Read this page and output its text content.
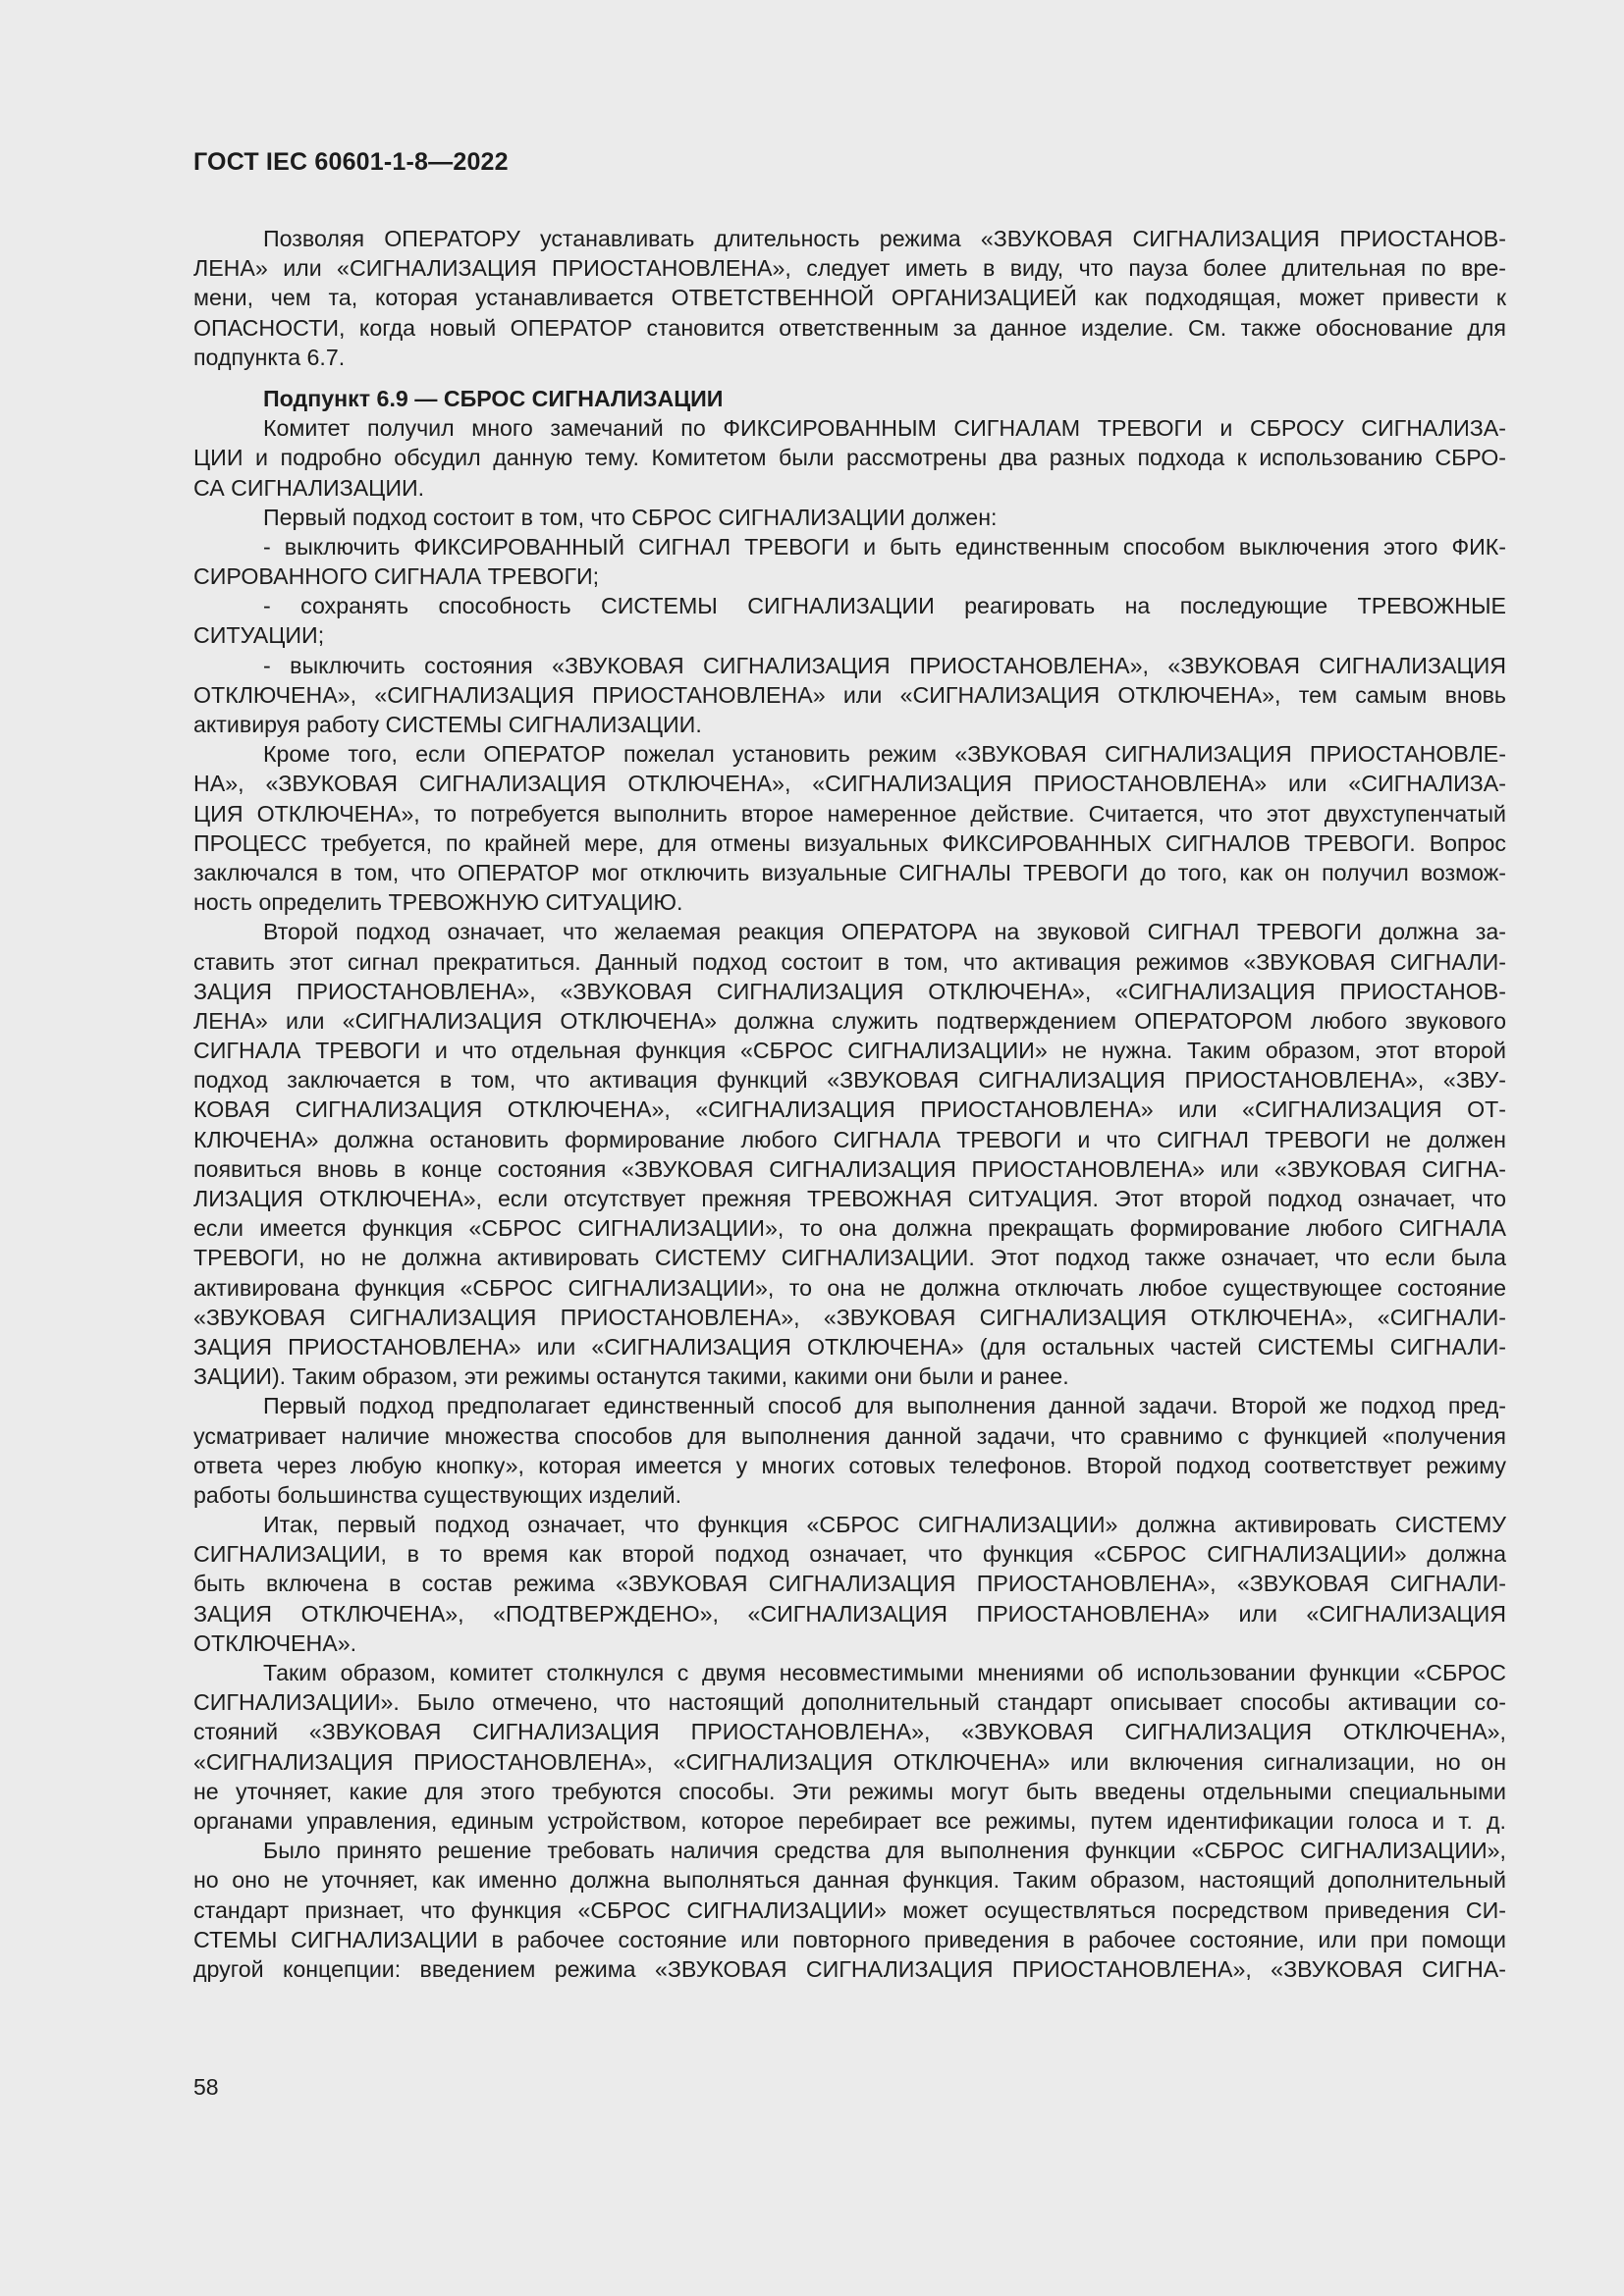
ГОСТ IEC 60601-1-8—2022
Позволяя ОПЕРАТОРУ устанавливать длительность режима «ЗВУКОВАЯ СИГНАЛИЗАЦИЯ ПРИОСТАНОВ-
ЛЕНА» или «СИГНАЛИЗАЦИЯ ПРИОСТАНОВЛЕНА», следует иметь в виду, что пауза более длительная по вре-
мени, чем та, которая устанавливается ОТВЕТСТВЕННОЙ ОРГАНИЗАЦИЕЙ как подходящая, может привести к
ОПАСНОСТИ, когда новый ОПЕРАТОР становится ответственным за данное изделие. См. также обоснование для
подпункта 6.7.
Подпункт 6.9 — СБРОС СИГНАЛИЗАЦИИ
Комитет получил много замечаний по ФИКСИРОВАННЫМ СИГНАЛАМ ТРЕВОГИ и СБРОСУ СИГНАЛИЗА-
ЦИИ и подробно обсудил данную тему. Комитетом были рассмотрены два разных подхода к использованию СБРО-
СА СИГНАЛИЗАЦИИ.
Первый подход состоит в том, что СБРОС СИГНАЛИЗАЦИИ должен:
- выключить ФИКСИРОВАННЫЙ СИГНАЛ ТРЕВОГИ и быть единственным способом выключения этого ФИК-
СИРОВАННОГО СИГНАЛА ТРЕВОГИ;
- сохранять способность СИСТЕМЫ СИГНАЛИЗАЦИИ реагировать на последующие ТРЕВОЖНЫЕ
СИТУАЦИИ;
- выключить состояния «ЗВУКОВАЯ СИГНАЛИЗАЦИЯ ПРИОСТАНОВЛЕНА», «ЗВУКОВАЯ СИГНАЛИЗАЦИЯ
ОТКЛЮЧЕНА», «СИГНАЛИЗАЦИЯ ПРИОСТАНОВЛЕНА» или «СИГНАЛИЗАЦИЯ ОТКЛЮЧЕНА», тем самым вновь
активируя работу СИСТЕМЫ СИГНАЛИЗАЦИИ.
Кроме того, если ОПЕРАТОР пожелал установить режим «ЗВУКОВАЯ СИГНАЛИЗАЦИЯ ПРИОСТАНОВЛЕ-
НА», «ЗВУКОВАЯ СИГНАЛИЗАЦИЯ ОТКЛЮЧЕНА», «СИГНАЛИЗАЦИЯ ПРИОСТАНОВЛЕНА» или «СИГНАЛИЗА-
ЦИЯ ОТКЛЮЧЕНА», то потребуется выполнить второе намеренное действие. Считается, что этот двухступенчатый
ПРОЦЕСС требуется, по крайней мере, для отмены визуальных ФИКСИРОВАННЫХ СИГНАЛОВ ТРЕВОГИ. Вопрос
заключался в том, что ОПЕРАТОР мог отключить визуальные СИГНАЛЫ ТРЕВОГИ до того, как он получил возмож-
ность определить ТРЕВОЖНУЮ СИТУАЦИЮ.
Второй подход означает, что желаемая реакция ОПЕРАТОРА на звуковой СИГНАЛ ТРЕВОГИ должна за-
ставить этот сигнал прекратиться. Данный подход состоит в том, что активация режимов «ЗВУКОВАЯ СИГНАЛИ-
ЗАЦИЯ ПРИОСТАНОВЛЕНА», «ЗВУКОВАЯ СИГНАЛИЗАЦИЯ ОТКЛЮЧЕНА», «СИГНАЛИЗАЦИЯ ПРИОСТАНОВ-
ЛЕНА» или «СИГНАЛИЗАЦИЯ ОТКЛЮЧЕНА» должна служить подтверждением ОПЕРАТОРОМ любого звукового
СИГНАЛА ТРЕВОГИ и что отдельная функция «СБРОС СИГНАЛИЗАЦИИ» не нужна. Таким образом, этот второй
подход заключается в том, что активация функций «ЗВУКОВАЯ СИГНАЛИЗАЦИЯ ПРИОСТАНОВЛЕНА», «ЗВУ-
КОВАЯ СИГНАЛИЗАЦИЯ ОТКЛЮЧЕНА», «СИГНАЛИЗАЦИЯ ПРИОСТАНОВЛЕНА» или «СИГНАЛИЗАЦИЯ ОТ-
КЛЮЧЕНА» должна остановить формирование любого СИГНАЛА ТРЕВОГИ и что СИГНАЛ ТРЕВОГИ не должен
появиться вновь в конце состояния «ЗВУКОВАЯ СИГНАЛИЗАЦИЯ ПРИОСТАНОВЛЕНА» или «ЗВУКОВАЯ СИГНА-
ЛИЗАЦИЯ ОТКЛЮЧЕНА», если отсутствует прежняя ТРЕВОЖНАЯ СИТУАЦИЯ. Этот второй подход означает, что
если имеется функция «СБРОС СИГНАЛИЗАЦИИ», то она должна прекращать формирование любого СИГНАЛА
ТРЕВОГИ, но не должна активировать СИСТЕМУ СИГНАЛИЗАЦИИ. Этот подход также означает, что если была
активирована функция «СБРОС СИГНАЛИЗАЦИИ», то она не должна отключать любое существующее состояние
«ЗВУКОВАЯ СИГНАЛИЗАЦИЯ ПРИОСТАНОВЛЕНА», «ЗВУКОВАЯ СИГНАЛИЗАЦИЯ ОТКЛЮЧЕНА», «СИГНАЛИ-
ЗАЦИЯ ПРИОСТАНОВЛЕНА» или «СИГНАЛИЗАЦИЯ ОТКЛЮЧЕНА» (для остальных частей СИСТЕМЫ СИГНАЛИ-
ЗАЦИИ). Таким образом, эти режимы останутся такими, какими они были и ранее.
Первый подход предполагает единственный способ для выполнения данной задачи. Второй же подход пред-
усматривает наличие множества способов для выполнения данной задачи, что сравнимо с функцией «получения
ответа через любую кнопку», которая имеется у многих сотовых телефонов. Второй подход соответствует режиму
работы большинства существующих изделий.
Итак, первый подход означает, что функция «СБРОС СИГНАЛИЗАЦИИ» должна активировать СИСТЕМУ
СИГНАЛИЗАЦИИ, в то время как второй подход означает, что функция «СБРОС СИГНАЛИЗАЦИИ» должна
быть включена в состав режима «ЗВУКОВАЯ СИГНАЛИЗАЦИЯ ПРИОСТАНОВЛЕНА», «ЗВУКОВАЯ СИГНАЛИ-
ЗАЦИЯ ОТКЛЮЧЕНА», «ПОДТВЕРЖДЕНО», «СИГНАЛИЗАЦИЯ ПРИОСТАНОВЛЕНА» или «СИГНАЛИЗАЦИЯ
ОТКЛЮЧЕНА».
Таким образом, комитет столкнулся с двумя несовместимыми мнениями об использовании функции «СБРОС
СИГНАЛИЗАЦИИ». Было отмечено, что настоящий дополнительный стандарт описывает способы активации со-
стояний «ЗВУКОВАЯ СИГНАЛИЗАЦИЯ ПРИОСТАНОВЛЕНА», «ЗВУКОВАЯ СИГНАЛИЗАЦИЯ ОТКЛЮЧЕНА»,
«СИГНАЛИЗАЦИЯ ПРИОСТАНОВЛЕНА», «СИГНАЛИЗАЦИЯ ОТКЛЮЧЕНА» или включения сигнализации, но он
не уточняет, какие для этого требуются способы. Эти режимы могут быть введены отдельными специальными
органами управления, единым устройством, которое перебирает все режимы, путем идентификации голоса и т. д.
Было принято решение требовать наличия средства для выполнения функции «СБРОС СИГНАЛИЗАЦИИ»,
но оно не уточняет, как именно должна выполняться данная функция. Таким образом, настоящий дополнительный
стандарт признает, что функция «СБРОС СИГНАЛИЗАЦИИ» может осуществляться посредством приведения СИ-
СТЕМЫ СИГНАЛИЗАЦИИ в рабочее состояние или повторного приведения в рабочее состояние, или при помощи
другой концепции: введением режима «ЗВУКОВАЯ СИГНАЛИЗАЦИЯ ПРИОСТАНОВЛЕНА», «ЗВУКОВАЯ СИГНА-
58
